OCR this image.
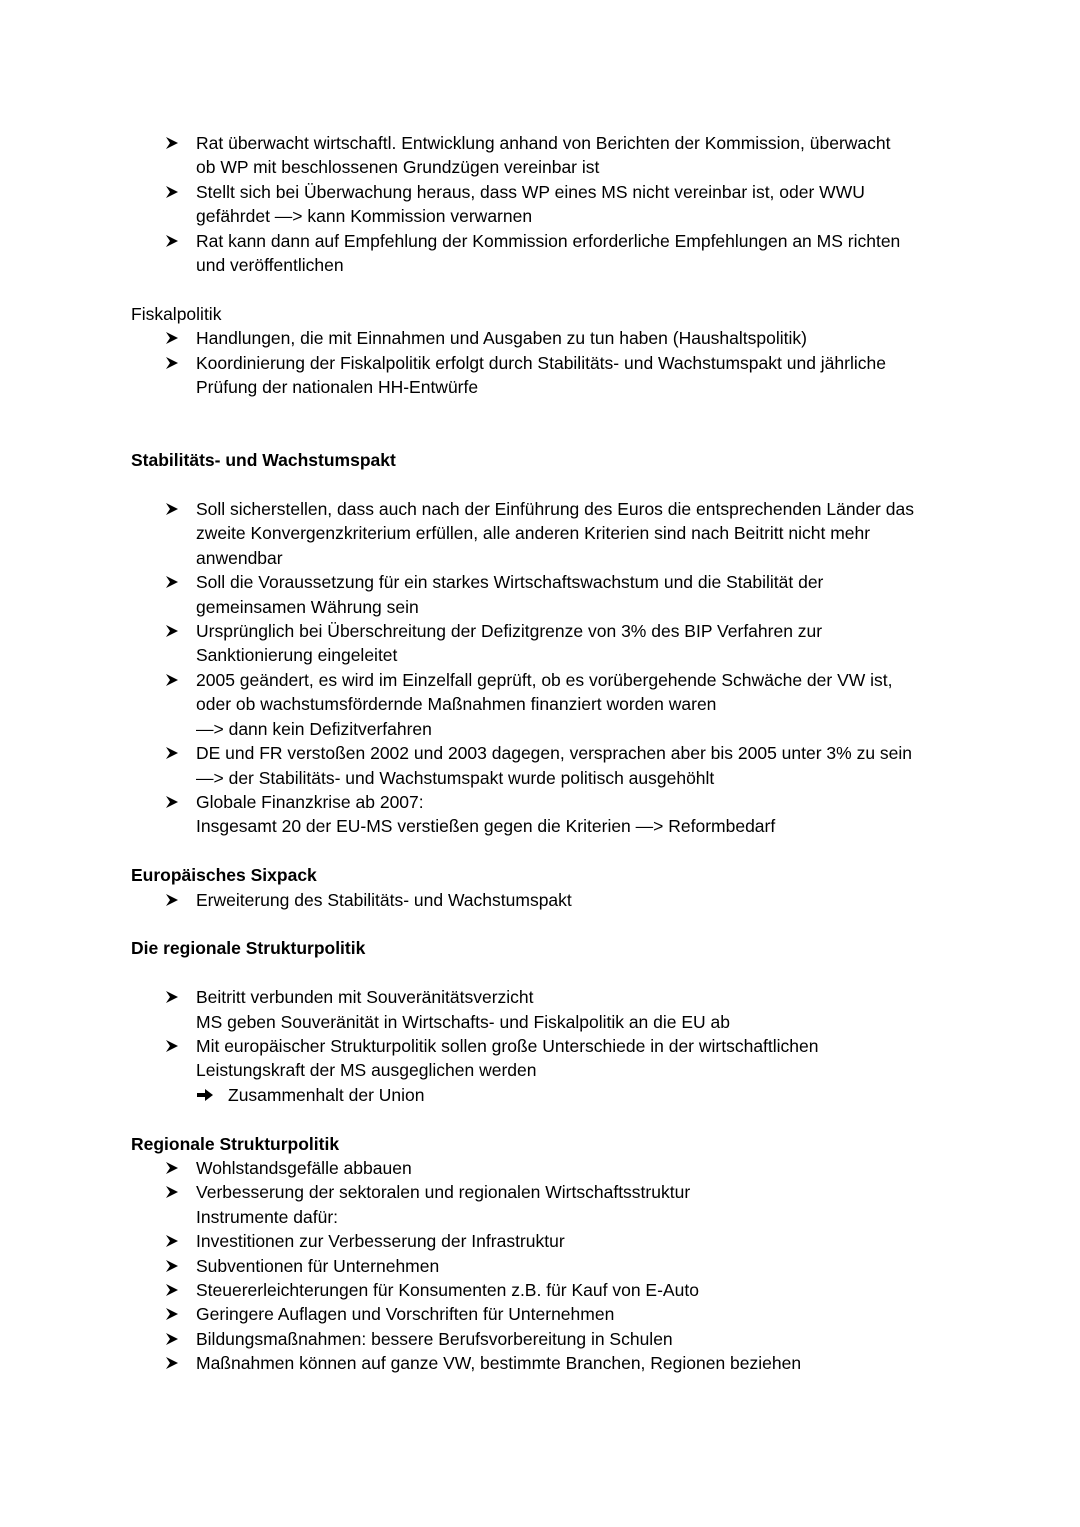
Rat überwacht wirtschaftl. Entwicklung anhand von Berichten der Kommission, überwacht
ob WP mit beschlossenen Grundzügen vereinbar ist
Stellt sich bei Überwachung heraus, dass WP eines MS nicht vereinbar ist, oder WWU
gefährdet —> kann Kommission verwarnen
Rat kann dann auf Empfehlung der Kommission erforderliche Empfehlungen an MS richten
und veröffentlichen
Fiskalpolitik
Handlungen, die mit Einnahmen und Ausgaben zu tun haben (Haushaltspolitik)
Koordinierung der Fiskalpolitik erfolgt durch Stabilitäts- und Wachstumspakt und jährliche
Prüfung der nationalen HH-Entwürfe
Stabilitäts- und Wachstumspakt
Soll sicherstellen, dass auch nach der Einführung des Euros die entsprechenden Länder das
zweite Konvergenzkriterium erfüllen, alle anderen Kriterien sind nach Beitritt nicht mehr
anwendbar
Soll die Voraussetzung für ein starkes Wirtschaftswachstum und die Stabilität der
gemeinsamen Währung sein
Ursprünglich bei Überschreitung der Defizitgrenze von 3% des BIP Verfahren zur
Sanktionierung eingeleitet
2005 geändert, es wird im Einzelfall geprüft, ob es vorübergehende Schwäche der VW ist,
oder ob wachstumsfördernde Maßnahmen finanziert worden waren
—> dann kein Defizitverfahren
DE und FR verstoßen 2002 und 2003 dagegen, versprachen aber bis 2005 unter 3% zu sein
—> der Stabilitäts- und Wachstumspakt wurde politisch ausgehöhlt
Globale Finanzkrise ab 2007:
Insgesamt 20 der EU-MS verstießen gegen die Kriterien —> Reformbedarf
Europäisches Sixpack
Erweiterung des Stabilitäts- und Wachstumspakt
Die regionale Strukturpolitik
Beitritt verbunden mit Souveränitätsverzicht
MS geben Souveränität in Wirtschafts- und Fiskalpolitik an die EU ab
Mit europäischer Strukturpolitik sollen große Unterschiede in der wirtschaftlichen
Leistungskraft der MS ausgeglichen werden
Zusammenhalt der Union
Regionale Strukturpolitik
Wohlstandsgefälle abbauen
Verbesserung der sektoralen und regionalen Wirtschaftsstruktur
Instrumente dafür:
Investitionen zur Verbesserung der Infrastruktur
Subventionen für Unternehmen
Steuererleichterungen für Konsumenten z.B. für Kauf von E-Auto
Geringere Auflagen und Vorschriften für Unternehmen
Bildungsmaßnahmen: bessere Berufsvorbereitung in Schulen
Maßnahmen können auf ganze VW, bestimmte Branchen, Regionen beziehen
